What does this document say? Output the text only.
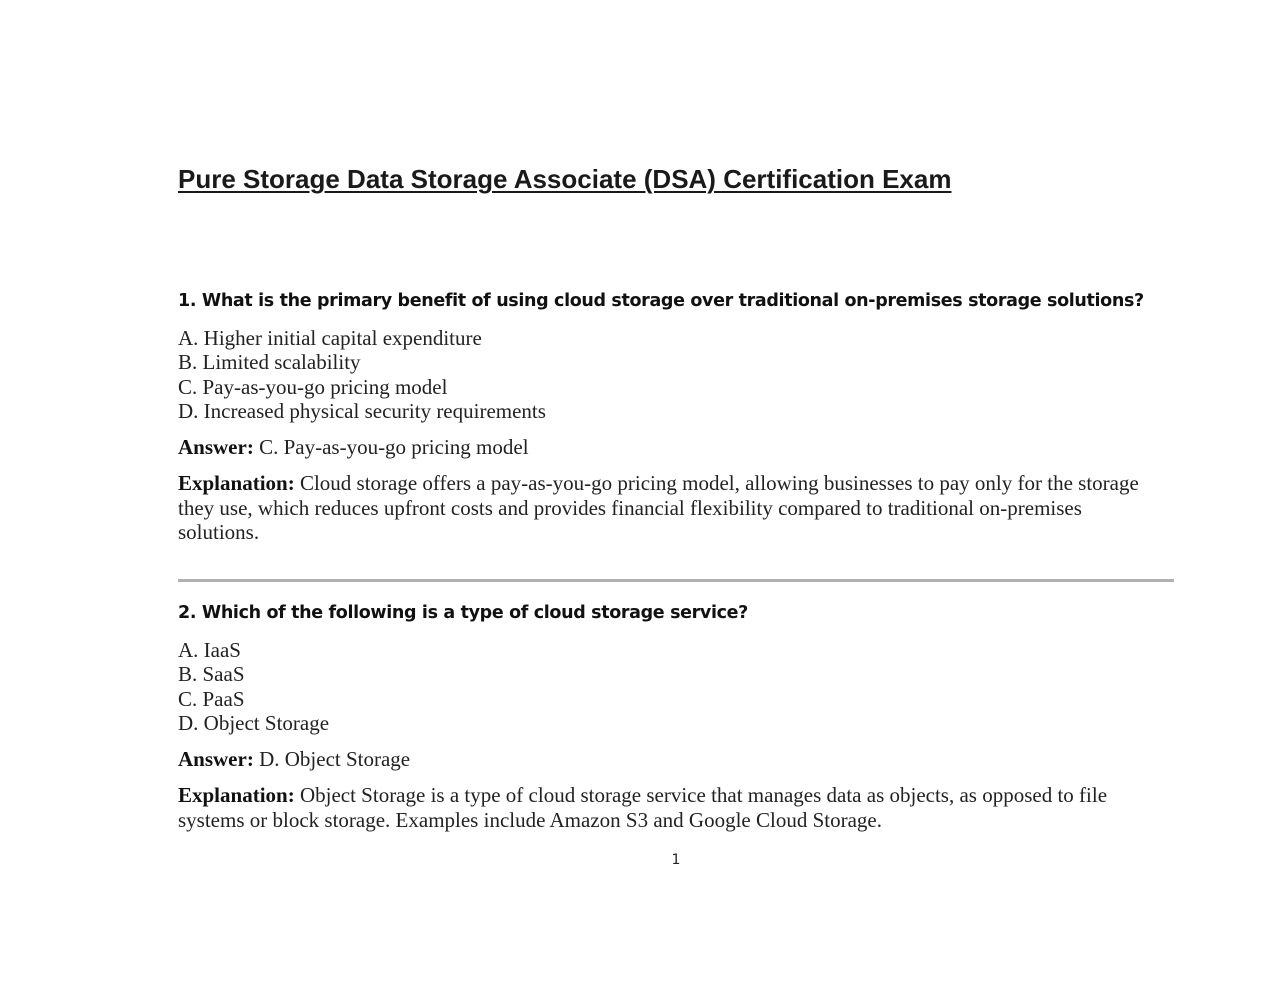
Pure Storage Data Storage Associate (DSA) Certification Exam
1. What is the primary benefit of using cloud storage over traditional on-premises storage solutions?
A. Higher initial capital expenditure
B. Limited scalability
C. Pay-as-you-go pricing model
D. Increased physical security requirements

Answer: C. Pay-as-you-go pricing model

Explanation: Cloud storage offers a pay-as-you-go pricing model, allowing businesses to pay only for the storage they use, which reduces upfront costs and provides financial flexibility compared to traditional on-premises solutions.

2. Which of the following is a type of cloud storage service?
A. IaaS
B. SaaS
C. PaaS
D. Object Storage

Answer: D. Object Storage

Explanation: Object Storage is a type of cloud storage service that manages data as objects, as opposed to file systems or block storage. Examples include Amazon S3 and Google Cloud Storage.

1
